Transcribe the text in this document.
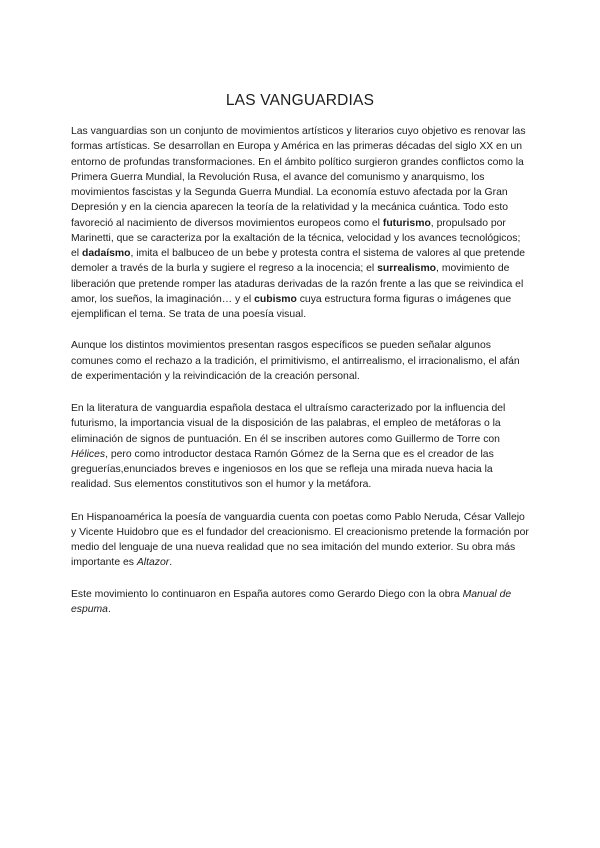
LAS VANGUARDIAS

Las vanguardias son un conjunto de movimientos artísticos y literarios cuyo objetivo es renovar las formas artísticas. Se desarrollan en Europa y América en las primeras décadas del siglo XX en un entorno de profundas transformaciones. En el ámbito político surgieron grandes conflictos como la Primera Guerra Mundial, la Revolución Rusa, el avance del comunismo y anarquismo, los movimientos fascistas y la Segunda Guerra Mundial. La economía estuvo afectada por la Gran Depresión y en la ciencia aparecen la teoría de la relatividad y la mecánica cuántica. Todo esto favoreció al nacimiento de diversos movimientos europeos como el futurismo, propulsado por Marinetti, que se caracteriza por la exaltación de la técnica, velocidad y los avances tecnológicos; el dadaísmo, imita el balbuceo de un bebe y protesta contra el sistema de valores al que pretende demoler a través de la burla y sugiere el regreso a la inocencia; el surrealismo, movimiento de liberación que pretende romper las ataduras derivadas de la razón frente a las que se reivindica el amor, los sueños, la imaginación… y el cubismo cuya estructura forma figuras o imágenes que ejemplifican el tema. Se trata de una poesía visual.

Aunque los distintos movimientos presentan rasgos específicos se pueden señalar algunos comunes como el rechazo a la tradición, el primitivismo, el antirrealismo, el irracionalismo, el afán de experimentación y la reivindicación de la creación personal.

En la literatura de vanguardia española destaca el ultraísmo caracterizado por la influencia del futurismo, la importancia visual de la disposición de las palabras, el empleo de metáforas o la eliminación de signos de puntuación. En él se inscriben autores como Guillermo de Torre con Hélices, pero como introductor destaca Ramón Gómez de la Serna que es el creador de las greguerías,enunciados breves e ingeniosos en los que se refleja una mirada nueva hacia la realidad. Sus elementos constitutivos son el humor y la metáfora.

En Hispanoamérica la poesía de vanguardia cuenta con poetas como Pablo Neruda, César Vallejo y Vicente Huidobro que es el fundador del creacionismo. El creacionismo pretende la formación por medio del lenguaje de una nueva realidad que no sea imitación del mundo exterior. Su obra más importante es Altazor.

Este movimiento lo continuaron en España autores como Gerardo Diego con la obra Manual de espuma.
